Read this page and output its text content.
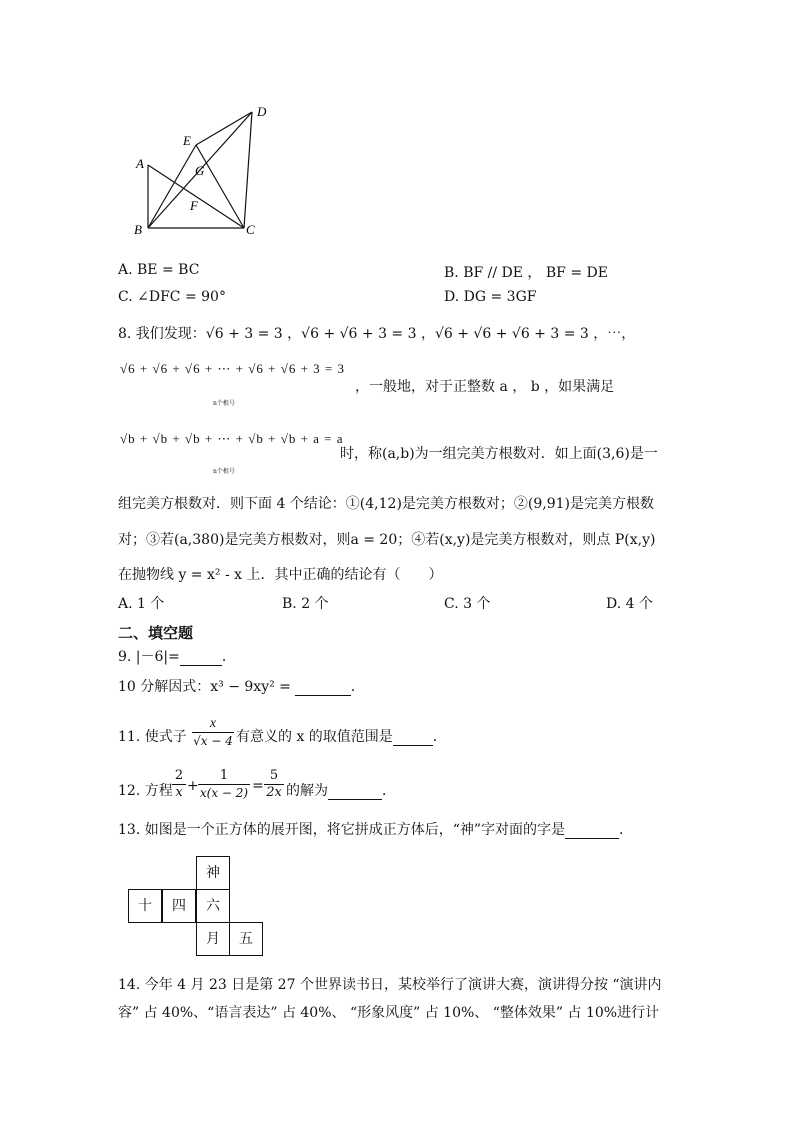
A
B	C
D
E
F
G
A. BE = BC	B. BF // DE ， BF = DE
C. ∠DFC = 90°	D. DG = 3GF
8. 我们发现：√6 + 3 = 3 ，√6 + √6 + 3 = 3 ，√6 + √6 + √6 + 3 = 3 ，⋯，
√6 + √6 + √6 + ⋯ + √6 + √6 + 3 = 3
n个根号
，一般地，对于正整数 a ， b ，如果满足
√b + √b + √b + ⋯ + √b + √b + a = a
n个根号
时，称(a,b)为一组完美方根数对．如上面(3,6)是一
组完美方根数对．则下面 4 个结论：①(4,12)是完美方根数对；②(9,91)是完美方根数
对；③若(a,380)是完美方根数对，则a = 20；④若(x,y)是完美方根数对，则点 P(x,y)
在抛物线 y = x² - x 上．其中正确的结论有（　　）
A. 1 个	B. 2 个	C. 3 个	D. 4 个
二、填空题
9. |－6|=	．
10 分解因式：x³ − 9xy² =	．
11. 使式子 $\frac{x}{√x - 4}$ 有意义的 x 的取值范围是	．
12. 方程 $\frac{2}{x} + \frac{1}{x(x - 2)} = \frac{5}{2x}$ 的解为	．
13. 如图是一个正方体的展开图，将它拼成正方体后，“神”字对面的字是	．
神
十	四	六
月	五
14. 今年 4 月 23 日是第 27 个世界读书日，某校举行了演讲大赛，演讲得分按 “演讲内
容” 占 40%、“语言表达” 占 40%、 “形象风度” 占 10%、 “整体效果” 占 10%进行计
